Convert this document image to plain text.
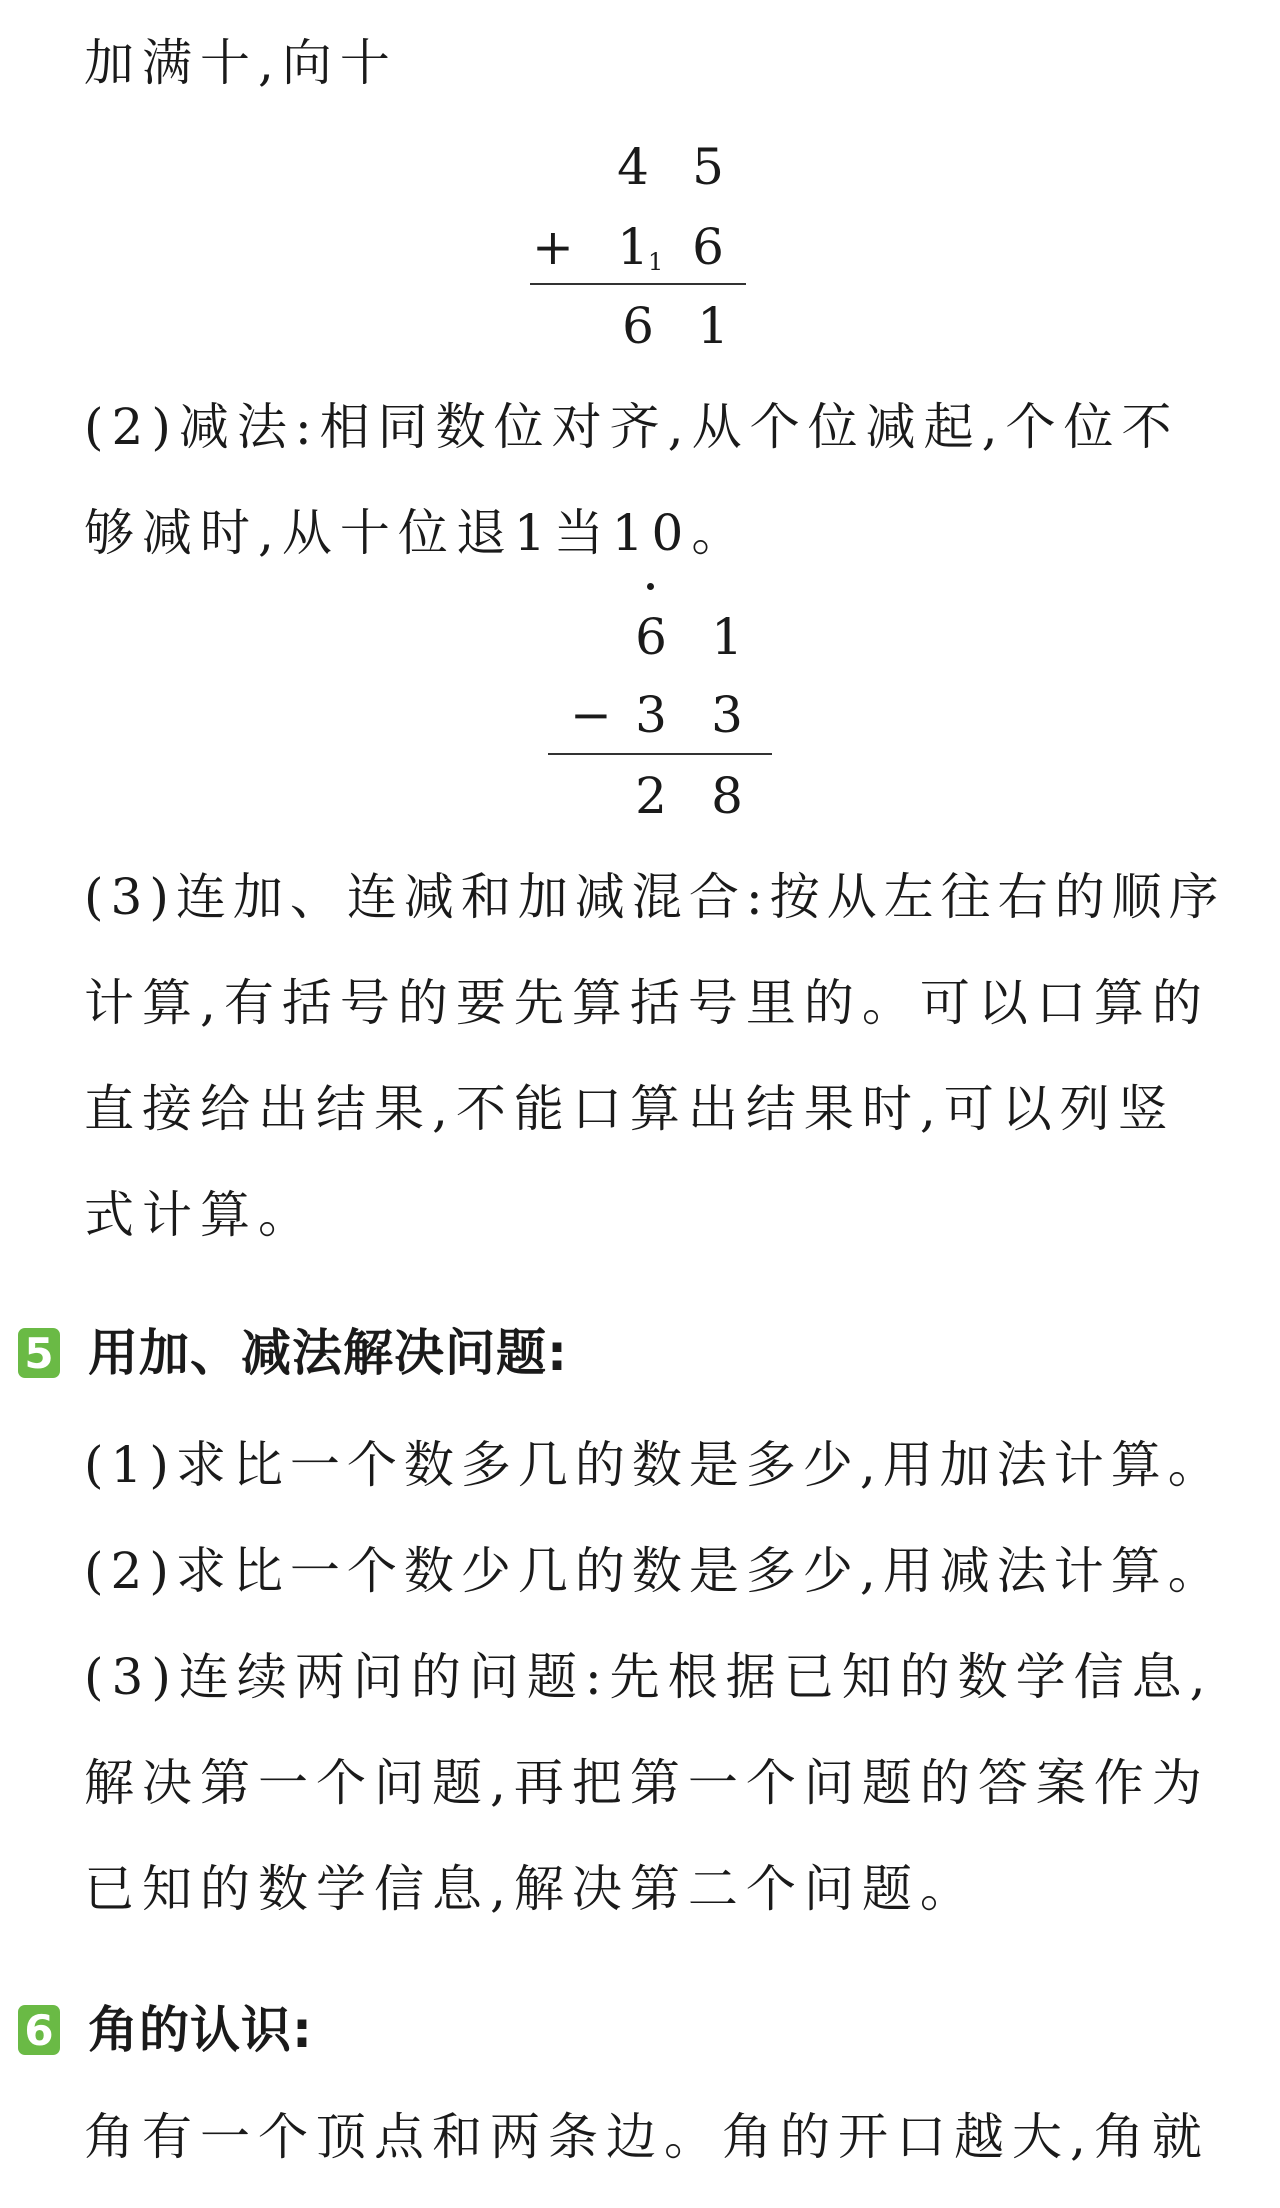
加满十,向十
4 5
+ 1 1 6
6 1
(2)减法:相同数位对齐,从个位减起,个位不
够减时,从十位退1当10。
6 1
− 3 3
2 8
(3)连加、连减和加减混合:按从左往右的顺序
计算,有括号的要先算括号里的。可以口算的
直接给出结果,不能口算出结果时,可以列竖
式计算。
5 用加、减法解决问题:
(1)求比一个数多几的数是多少,用加法计算。
(2)求比一个数少几的数是多少,用减法计算。
(3)连续两问的问题:先根据已知的数学信息,
解决第一个问题,再把第一个问题的答案作为
已知的数学信息,解决第二个问题。
6 角的认识:
角有一个顶点和两条边。角的开口越大,角就
